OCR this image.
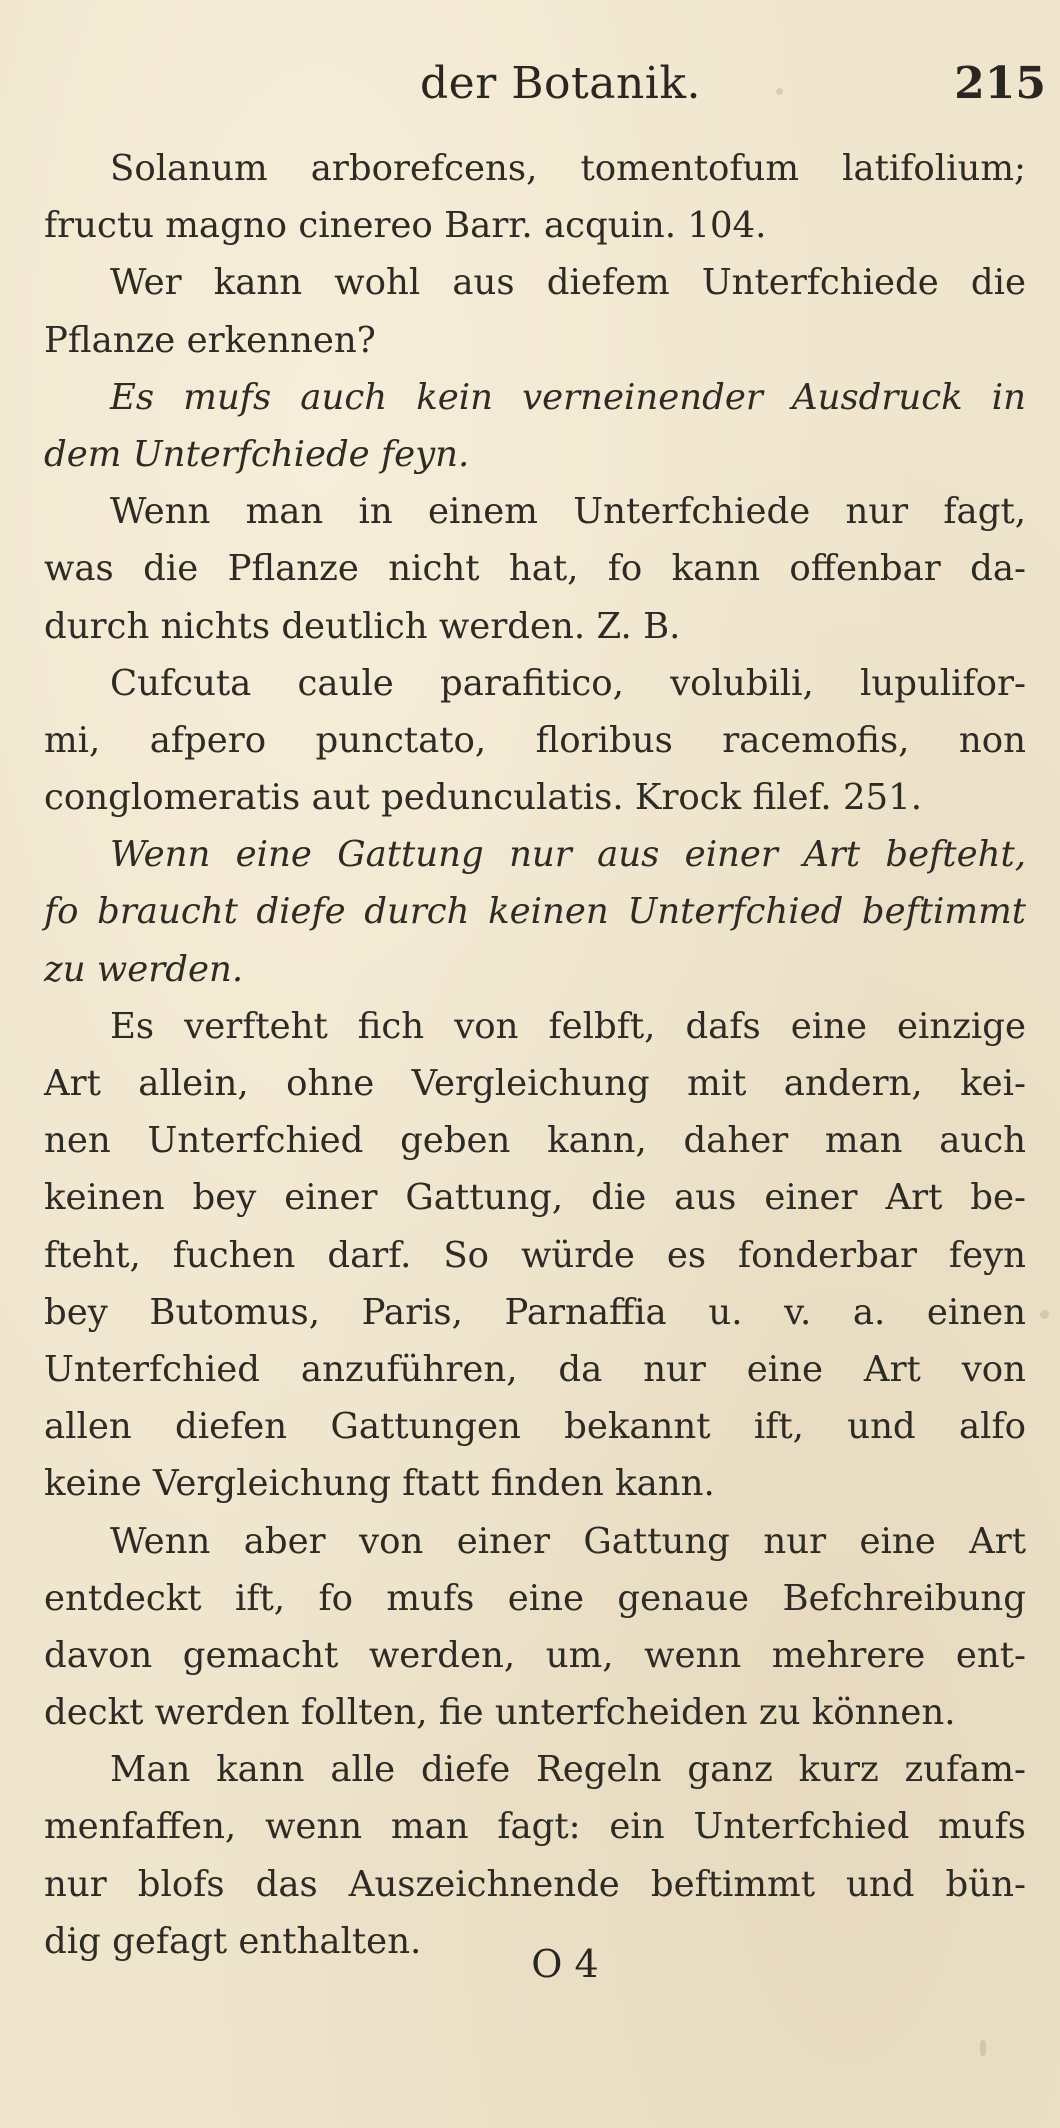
der Botanik.	215
Solanum arborefcens, tomentofum latifolium;
fructu magno cinereo Barr. acquin. 104.
Wer kann wohl aus diefem Unterfchiede die
Pflanze erkennen?
Es mufs auch kein verneinender Ausdruck in
dem Unterfchiede feyn.
Wenn man in einem Unterfchiede nur fagt,
was die Pflanze nicht hat, fo kann offenbar da-
durch nichts deutlich werden. Z. B.
Cufcuta caule parafitico, volubili, lupulifor-
mi, afpero punctato, floribus racemofis, non
conglomeratis aut pedunculatis. Krock filef. 251.
Wenn eine Gattung nur aus einer Art befteht,
fo braucht diefe durch keinen Unterfchied beftimmt
zu werden.
Es verfteht fich von felbft, dafs eine einzige
Art allein, ohne Vergleichung mit andern, kei-
nen Unterfchied geben kann, daher man auch
keinen bey einer Gattung, die aus einer Art be-
fteht, fuchen darf. So würde es fonderbar feyn
bey Butomus, Paris, Parnaffia u. v. a. einen
Unterfchied anzuführen, da nur eine Art von
allen diefen Gattungen bekannt ift, und alfo
keine Vergleichung ftatt finden kann.
Wenn aber von einer Gattung nur eine Art
entdeckt ift, fo mufs eine genaue Befchreibung
davon gemacht werden, um, wenn mehrere ent-
deckt werden follten, fie unterfcheiden zu können.
Man kann alle diefe Regeln ganz kurz zufam-
menfaffen, wenn man fagt: ein Unterfchied mufs
nur blofs das Auszeichnende beftimmt und bün-
dig gefagt enthalten.
O 4
